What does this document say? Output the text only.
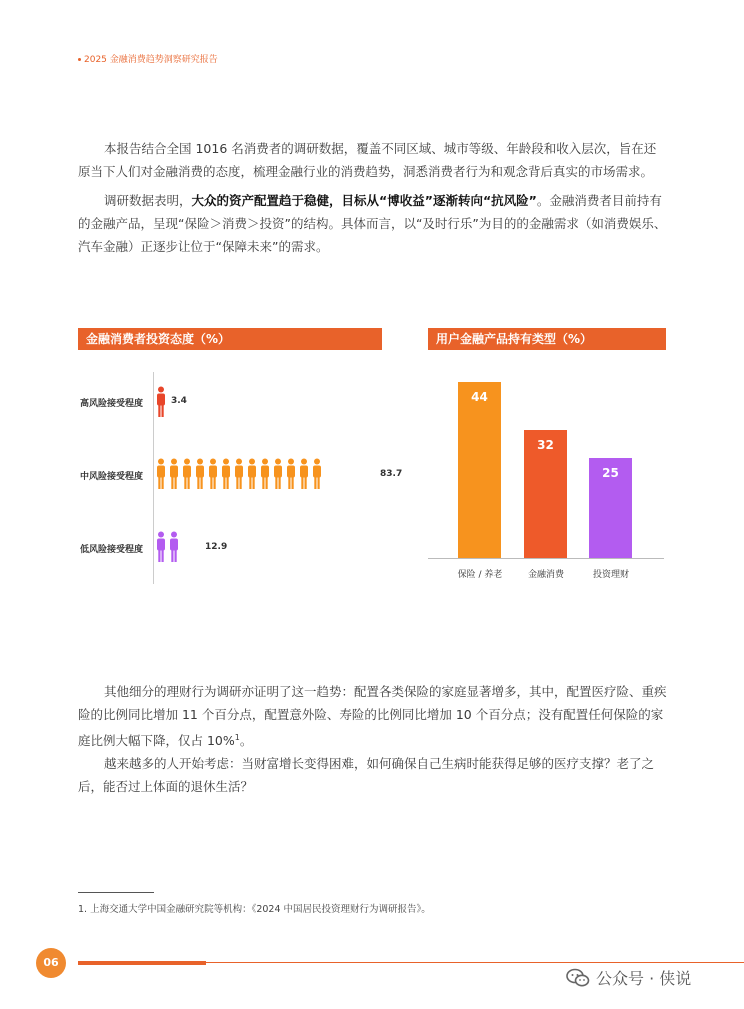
2025 金融消费趋势洞察研究报告

本报告结合全国 1016 名消费者的调研数据，覆盖不同区域、城市等级、年龄段和收入层次，旨在还原当下人们对金融消费的态度，梳理金融行业的消费趋势，洞悉消费者行为和观念背后真实的市场需求。

调研数据表明，大众的资产配置趋于稳健，目标从“博收益”逐渐转向“抗风险”。金融消费者目前持有的金融产品，呈现“保险＞消费＞投资”的结构。具体而言，以“及时行乐”为目的的金融需求（如消费娱乐、汽车金融）正逐步让位于“保障未来”的需求。

金融消费者投资态度（%）
高风险接受程度	3.4
中风险接受程度	83.7
低风险接受程度	12.9
用户金融产品持有类型（%）
44
32
25
保险 / 养老	金融消费	投资理财

其他细分的理财行为调研亦证明了这一趋势：配置各类保险的家庭显著增多，其中，配置医疗险、重疾险的比例同比增加 11 个百分点，配置意外险、寿险的比例同比增加 10 个百分点；没有配置任何保险的家庭比例大幅下降，仅占 10%$^1$。

越来越多的人开始考虑：当财富增长变得困难，如何确保自己生病时能获得足够的医疗支撑？老了之后，能否过上体面的退休生活？

1. 上海交通大学中国金融研究院等机构：《2024 中国居民投资理财行为调研报告》。
06
公众号 · 侠说
